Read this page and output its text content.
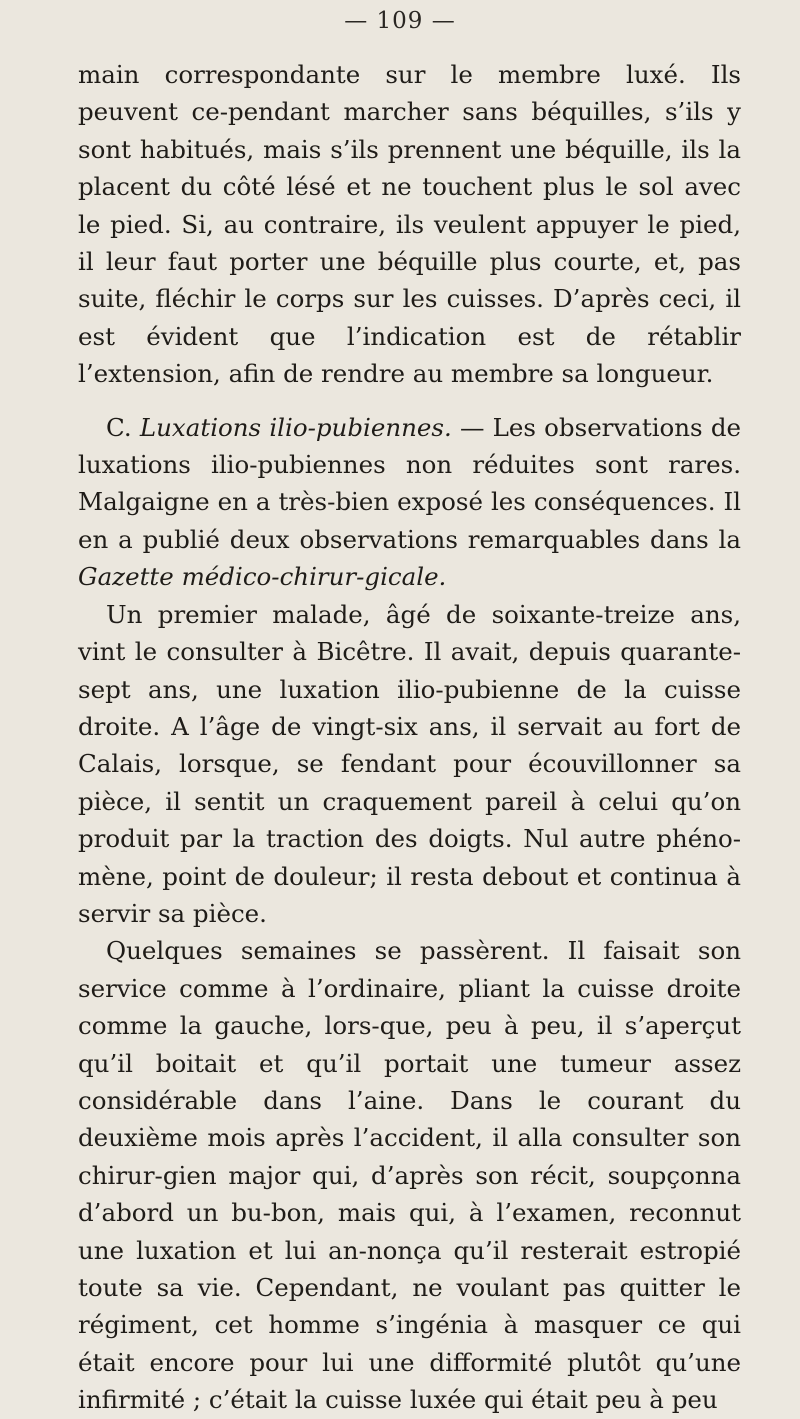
— 109 —

main correspondante sur le membre luxé. Ils peuvent ce-pendant marcher sans béquilles, s’ils y sont habitués, mais s’ils prennent une béquille, ils la placent du côté lésé et ne touchent plus le sol avec le pied. Si, au contraire, ils veulent appuyer le pied, il leur faut porter une béquille plus courte, et, pas suite, fléchir le corps sur les cuisses. D’après ceci, il est évident que l’indication est de rétablir l’extension, afin de rendre au membre sa longueur.

C. Luxations ilio-pubiennes. — Les observations de luxations ilio-pubiennes non réduites sont rares. Malgaigne en a très-bien exposé les conséquences. Il en a publié deux observations remarquables dans la Gazette médico-chirur-gicale.

Un premier malade, âgé de soixante-treize ans, vint le consulter à Bicêtre. Il avait, depuis quarante-sept ans, une luxation ilio-pubienne de la cuisse droite. A l’âge de vingt-six ans, il servait au fort de Calais, lorsque, se fendant pour écouvillonner sa pièce, il sentit un craquement pareil à celui qu’on produit par la traction des doigts. Nul autre phéno-mène, point de douleur; il resta debout et continua à servir sa pièce.

Quelques semaines se passèrent. Il faisait son service comme à l’ordinaire, pliant la cuisse droite comme la gauche, lors-que, peu à peu, il s’aperçut qu’il boitait et qu’il portait une tumeur assez considérable dans l’aine. Dans le courant du deuxième mois après l’accident, il alla consulter son chirur-gien major qui, d’après son récit, soupçonna d’abord un bu-bon, mais qui, à l’examen, reconnut une luxation et lui an-nonça qu’il resterait estropié toute sa vie. Cependant, ne voulant pas quitter le régiment, cet homme s’ingénia à masquer ce qui était encore pour lui une difformité plutôt qu’une infirmité ; c’était la cuisse luxée qui était peu à peu
